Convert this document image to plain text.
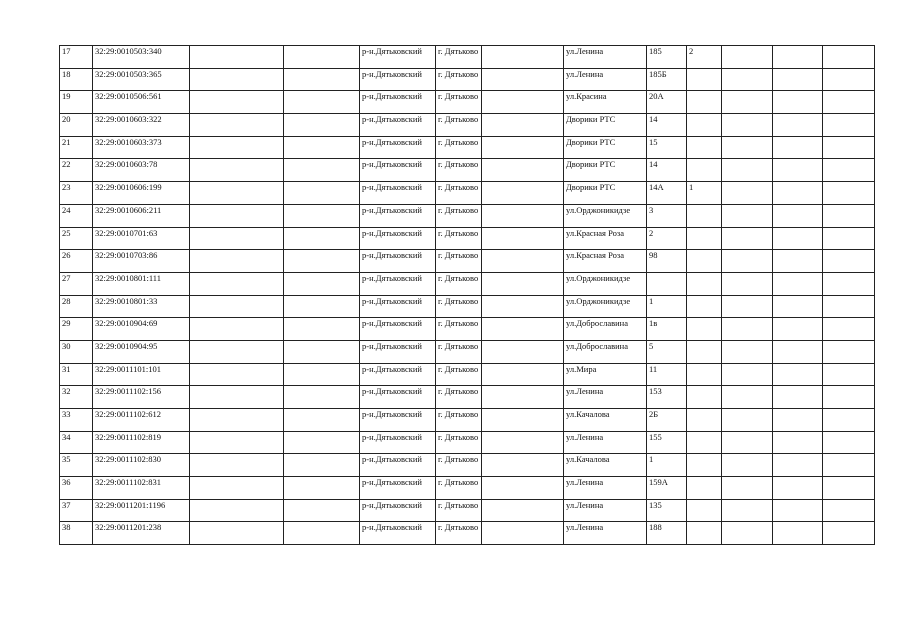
17	32:29:0010503:340			р-н.Дятьковский	г. Дятьково		ул.Ленина	185	2			
18	32:29:0010503:365			р-н.Дятьковский	г. Дятьково		ул.Ленина	185Б				
19	32:29:0010506:561			р-н.Дятьковский	г. Дятьково		ул.Красина	20А				
20	32:29:0010603:322			р-н.Дятьковский	г. Дятьково		Дворики РТС	14				
21	32:29:0010603:373			р-н.Дятьковский	г. Дятьково		Дворики РТС	15				
22	32:29:0010603:78			р-н.Дятьковский	г. Дятьково		Дворики РТС	14				
23	32:29:0010606:199			р-н.Дятьковский	г. Дятьково		Дворики РТС	14А	1			
24	32:29:0010606:211			р-н.Дятьковский	г. Дятьково		ул.Орджоникидзе	3				
25	32:29:0010701:63			р-н.Дятьковский	г. Дятьково		ул.Красная Роза	2				
26	32:29:0010703:86			р-н.Дятьковский	г. Дятьково		ул.Красная Роза	98				
27	32:29:0010801:111			р-н.Дятьковский	г. Дятьково		ул.Орджоникидзе					
28	32:29:0010801:33			р-н.Дятьковский	г. Дятьково		ул.Орджоникидзе	1				
29	32:29:0010904:69			р-н.Дятьковский	г. Дятьково		ул.Доброславина	1в				
30	32:29:0010904:95			р-н.Дятьковский	г. Дятьково		ул.Доброславина	5				
31	32:29:0011101:101			р-н.Дятьковский	г. Дятьково		ул.Мира	11				
32	32:29:0011102:156			р-н.Дятьковский	г. Дятьково		ул.Ленина	153				
33	32:29:0011102:612			р-н.Дятьковский	г. Дятьково		ул.Качалова	2Б				
34	32:29:0011102:819			р-н.Дятьковский	г. Дятьково		ул.Ленина	155				
35	32:29:0011102:830			р-н.Дятьковский	г. Дятьково		ул.Качалова	1				
36	32:29:0011102:831			р-н.Дятьковский	г. Дятьково		ул.Ленина	159А				
37	32:29:0011201:1196			р-н.Дятьковский	г. Дятьково		ул.Ленина	135				
38	32:29:0011201:238			р-н.Дятьковский	г. Дятьково		ул.Ленина	188				
